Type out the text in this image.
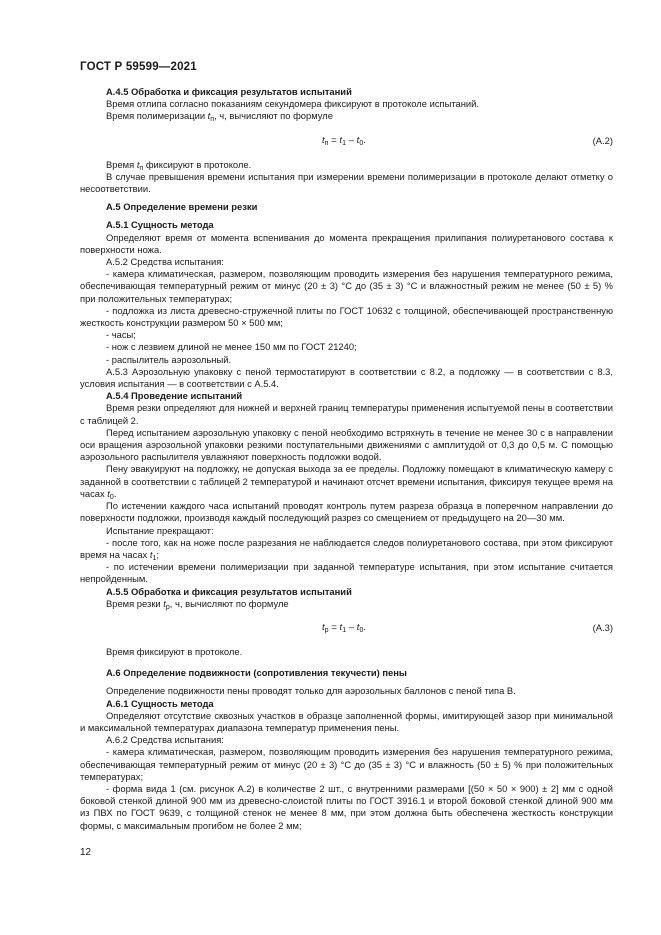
ГОСТ Р 59599—2021

А.4.5 Обработка и фиксация результатов испытаний

Время отлипа согласно показаниям секундомера фиксируют в протоколе испытаний.

Время полимеризации $t_п$, ч, вычисляют по формуле

$t_п = t_1 - t_0$.	(А.2)

Время $t_п$ фиксируют в протоколе.

В случае превышения времени испытания при измерении времени полимеризации в протоколе делают отметку о несоответствии.

А.5 Определение времени резки

А.5.1 Сущность метода

Определяют время от момента вспенивания до момента прекращения прилипания полиуретанового состава к поверхности ножа.

А.5.2 Средства испытания:

- камера климатическая, размером, позволяющим проводить измерения без нарушения температурного режима, обеспечивающая температурный режим от минус (20 ± 3) °С до (35 ± 3) °С и влажностный режим не менее (50 ± 5) % при положительных температурах;

- подложка из листа древесно-стружечной плиты по ГОСТ 10632 с толщиной, обеспечивающей пространственную жесткость конструкции размером 50 × 500 мм;

- часы;

- нож с лезвием длиной не менее 150 мм по ГОСТ 21240;

- распылитель аэрозольный.

А.5.3 Аэрозольную упаковку с пеной термостатируют в соответствии с 8.2, а подложку — в соответствии с 8.3, условия испытания — в соответствии с А.5.4.

А.5.4 Проведение испытаний

Время резки определяют для нижней и верхней границ температуры применения испытуемой пены в соответствии с таблицей 2.

Перед испытанием аэрозольную упаковку с пеной необходимо встряхнуть в течение не менее 30 с в направлении оси вращения аэрозольной упаковки резкими поступательными движениями с амплитудой от 0,3 до 0,5 м. С помощью аэрозольного распылителя увлажняют поверхность подложки водой.

Пену эвакуируют на подложку, не допуская выхода за ее пределы. Подложку помещают в климатическую камеру с заданной в соответствии с таблицей 2 температурой и начинают отсчет времени испытания, фиксируя текущее время на часах $t_0$.

По истечении каждого часа испытаний проводят контроль путем разреза образца в поперечном направлении до поверхности подложки, производя каждый последующий разрез со смещением от предыдущего на 20—30 мм.

Испытание прекращают:

- после того, как на ноже после разрезания не наблюдается следов полиуретанового состава, при этом фиксируют время на часах $t_1$;

- по истечении времени полимеризации при заданной температуре испытания, при этом испытание считается непройденным.

А.5.5 Обработка и фиксация результатов испытаний

Время резки $t_р$, ч, вычисляют по формуле

$t_р = t_1 - t_0$.	(А.3)

Время фиксируют в протоколе.

А.6 Определение подвижности (сопротивления текучести) пены

Определение подвижности пены проводят только для аэрозольных баллонов с пеной типа В.

А.6.1 Сущность метода

Определяют отсутствие сквозных участков в образце заполненной формы, имитирующей зазор при минимальной и максимальной температурах диапазона температур применения пены.

А.6.2 Средства испытания:

- камера климатическая, размером, позволяющим проводить измерения без нарушения температурного режима, обеспечивающая температурный режим от минус (20 ± 3) °С до (35 ± 3) °С и влажность (50 ± 5) % при положительных температурах;

- форма вида 1 (см. рисунок А.2) в количестве 2 шт., с внутренними размерами [(50 × 50 × 900) ± 2] мм с одной боковой стенкой длиной 900 мм из древесно-слоистой плиты по ГОСТ 3916.1 и второй боковой стенкой длиной 900 мм из ПВХ по ГОСТ 9639, с толщиной стенок не менее 8 мм, при этом должна быть обеспечена жесткость конструкции формы, с максимальным прогибом не более 2 мм;

12
